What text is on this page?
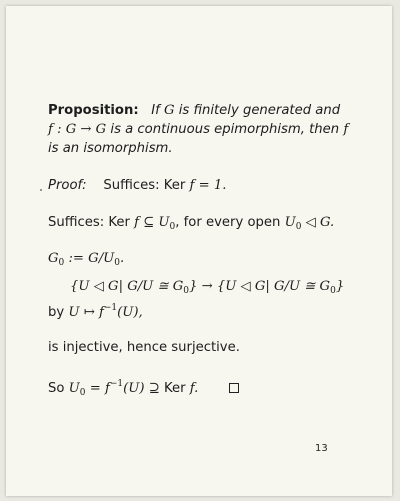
Proposition: If G is finitely generated and
f : G → G is a continuous epimorphism, then f
is an isomorphism.
Proof: Suffices: Ker f = 1.
Suffices: Ker f ⊆ $U_0$, for every open $U_0$ ◁ G.
$G_0$ := $G/U_0$.
{U ◁ G| G/U ≅ $G_0\} \to \{U$ ◁ G| G/U ≅ $G_0$}
by U ↦ $f^{-1}(U)$,
is injective, hence surjective.
So $U_0 = f^{-1}(U)$ ⊇ Ker f.
13
